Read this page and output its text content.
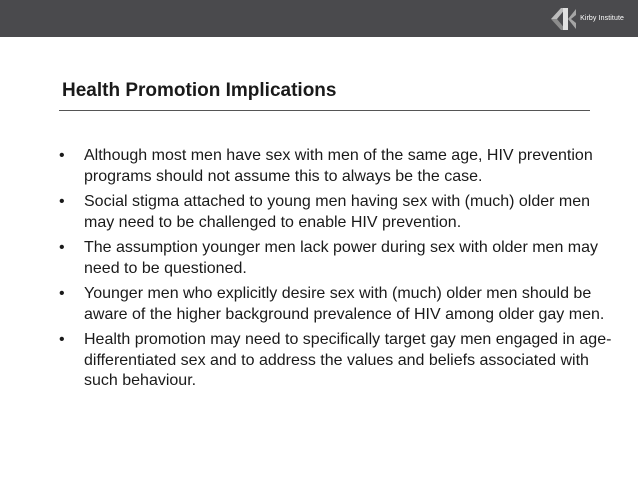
Kirby Institute
Health Promotion Implications
• Although most men have sex with men of the same age, HIV prevention programs should not assume this to always be the case.
• Social stigma attached to young men having sex with (much) older men may need to be challenged to enable HIV prevention.
• The assumption younger men lack power during sex with older men may need to be questioned.
• Younger men who explicitly desire sex with (much) older men should be aware of the higher background prevalence of HIV among older gay men.
• Health promotion may need to specifically target gay men engaged in age-differentiated sex and to address the values and beliefs associated with such behaviour.
